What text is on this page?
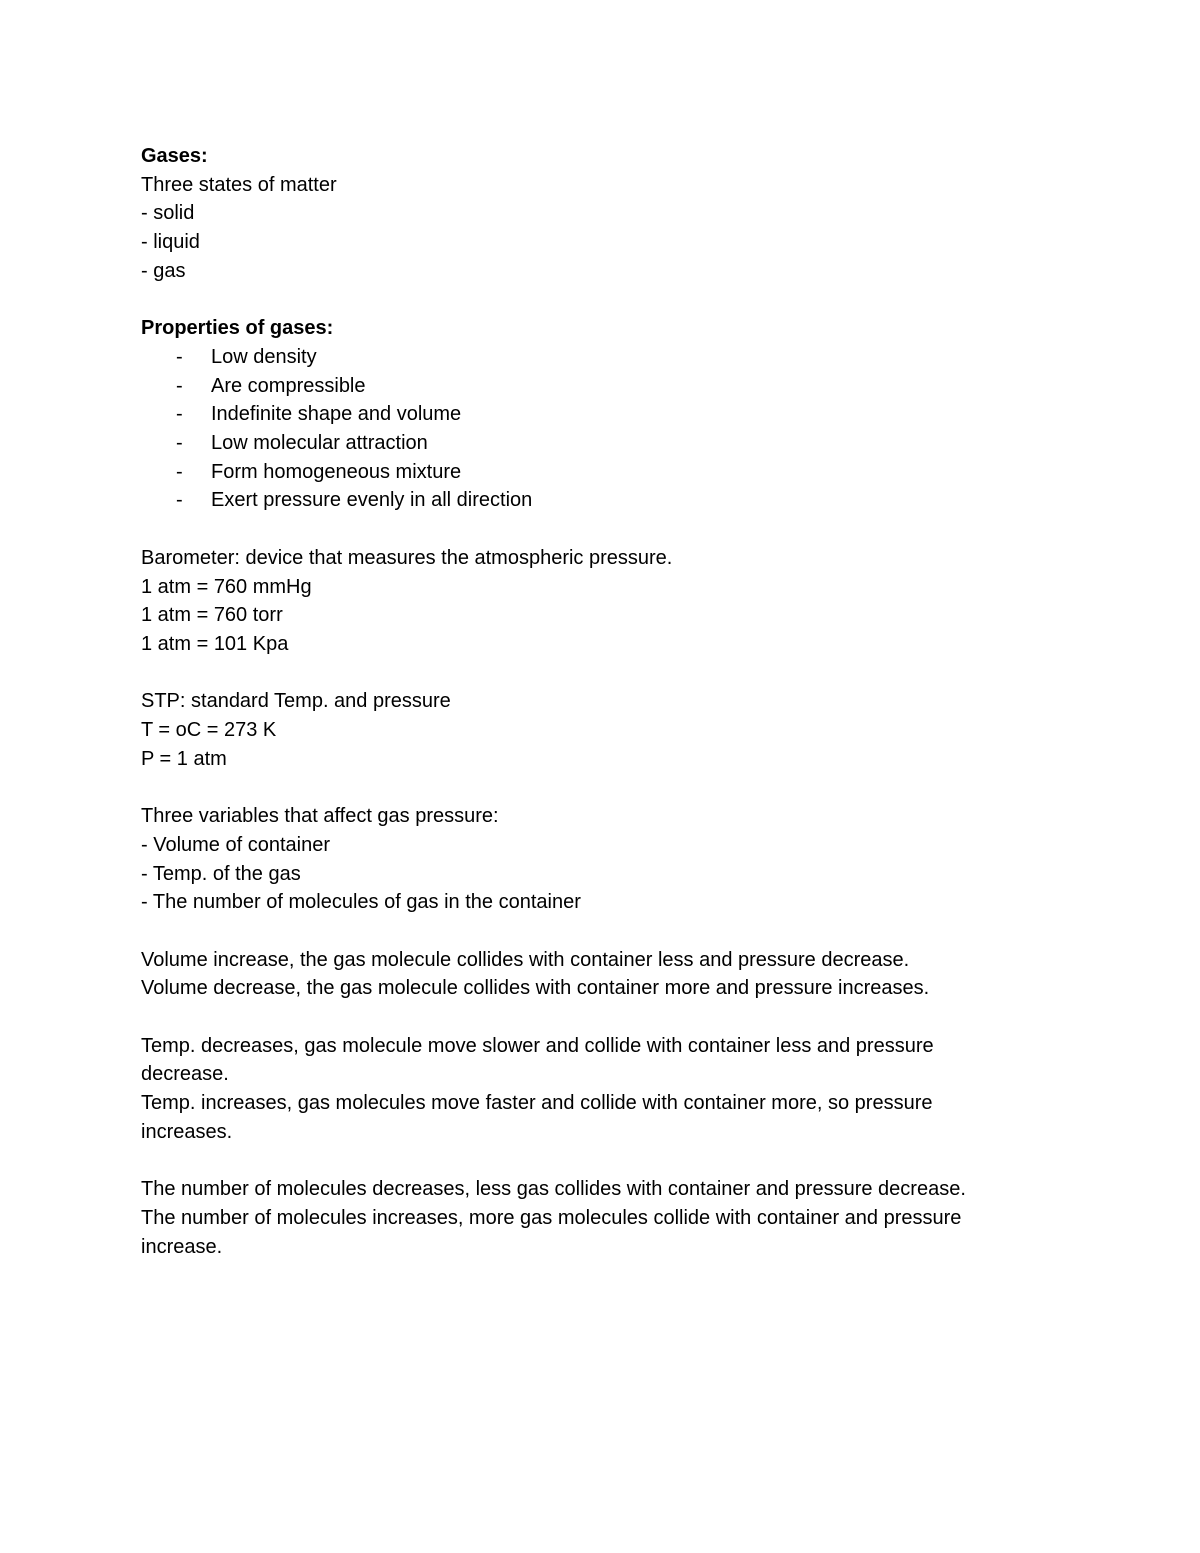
Gases:
Three states of matter
- solid
- liquid
- gas
Properties of gases:
- Low density
- Are compressible
- Indefinite shape and volume
- Low molecular attraction
- Form homogeneous mixture
- Exert pressure evenly in all direction
Barometer: device that measures the atmospheric pressure.
1 atm = 760 mmHg
1 atm = 760 torr
1 atm = 101 Kpa
STP: standard Temp. and pressure
T = oC = 273 K
P = 1 atm
Three variables that affect gas pressure:
- Volume of container
- Temp. of the gas
- The number of molecules of gas in the container
Volume increase, the gas molecule collides with container less and pressure decrease.
Volume decrease, the gas molecule collides with container more and pressure increases.
Temp. decreases, gas molecule move slower and collide with container less and pressure
decrease.
Temp. increases, gas molecules move faster and collide with container more, so pressure
increases.
The number of molecules decreases, less gas collides with container and pressure decrease.
The number of molecules increases, more gas molecules collide with container and pressure
increase.
